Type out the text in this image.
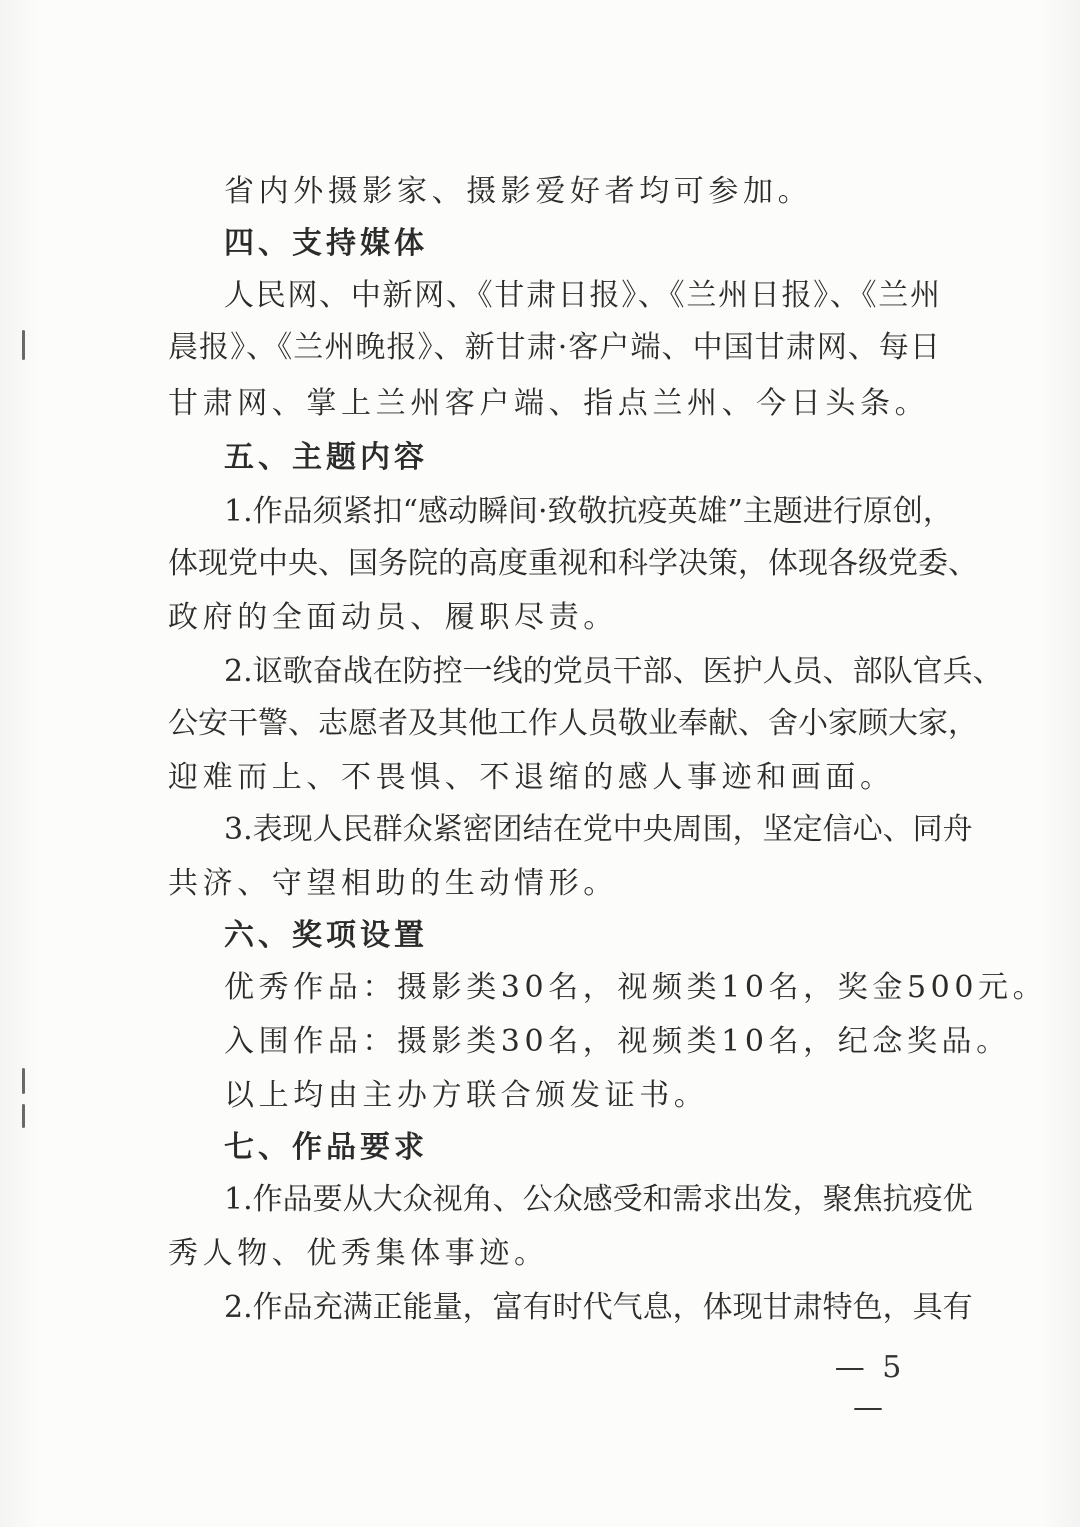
省内外摄影家、摄影爱好者均可参加。
四、支持媒体
人民网、中新网、《甘肃日报》、《兰州日报》、《兰州
晨报》、《兰州晚报》、新甘肃·客户端、中国甘肃网、每日
甘肃网、掌上兰州客户端、指点兰州、今日头条。
五、主题内容
1.作品须紧扣“感动瞬间·致敬抗疫英雄”主题进行原创，
体现党中央、国务院的高度重视和科学决策，体现各级党委、
政府的全面动员、履职尽责。
2.讴歌奋战在防控一线的党员干部、医护人员、部队官兵、
公安干警、志愿者及其他工作人员敬业奉献、舍小家顾大家，
迎难而上、不畏惧、不退缩的感人事迹和画面。
3.表现人民群众紧密团结在党中央周围，坚定信心、同舟
共济、守望相助的生动情形。
六、奖项设置
优秀作品：摄影类30名，视频类10名，奖金500元。
入围作品：摄影类30名，视频类10名，纪念奖品。
以上均由主办方联合颁发证书。
七、作品要求
1.作品要从大众视角、公众感受和需求出发，聚焦抗疫优
秀人物、优秀集体事迹。
2.作品充满正能量，富有时代气息，体现甘肃特色，具有
— 5 —
